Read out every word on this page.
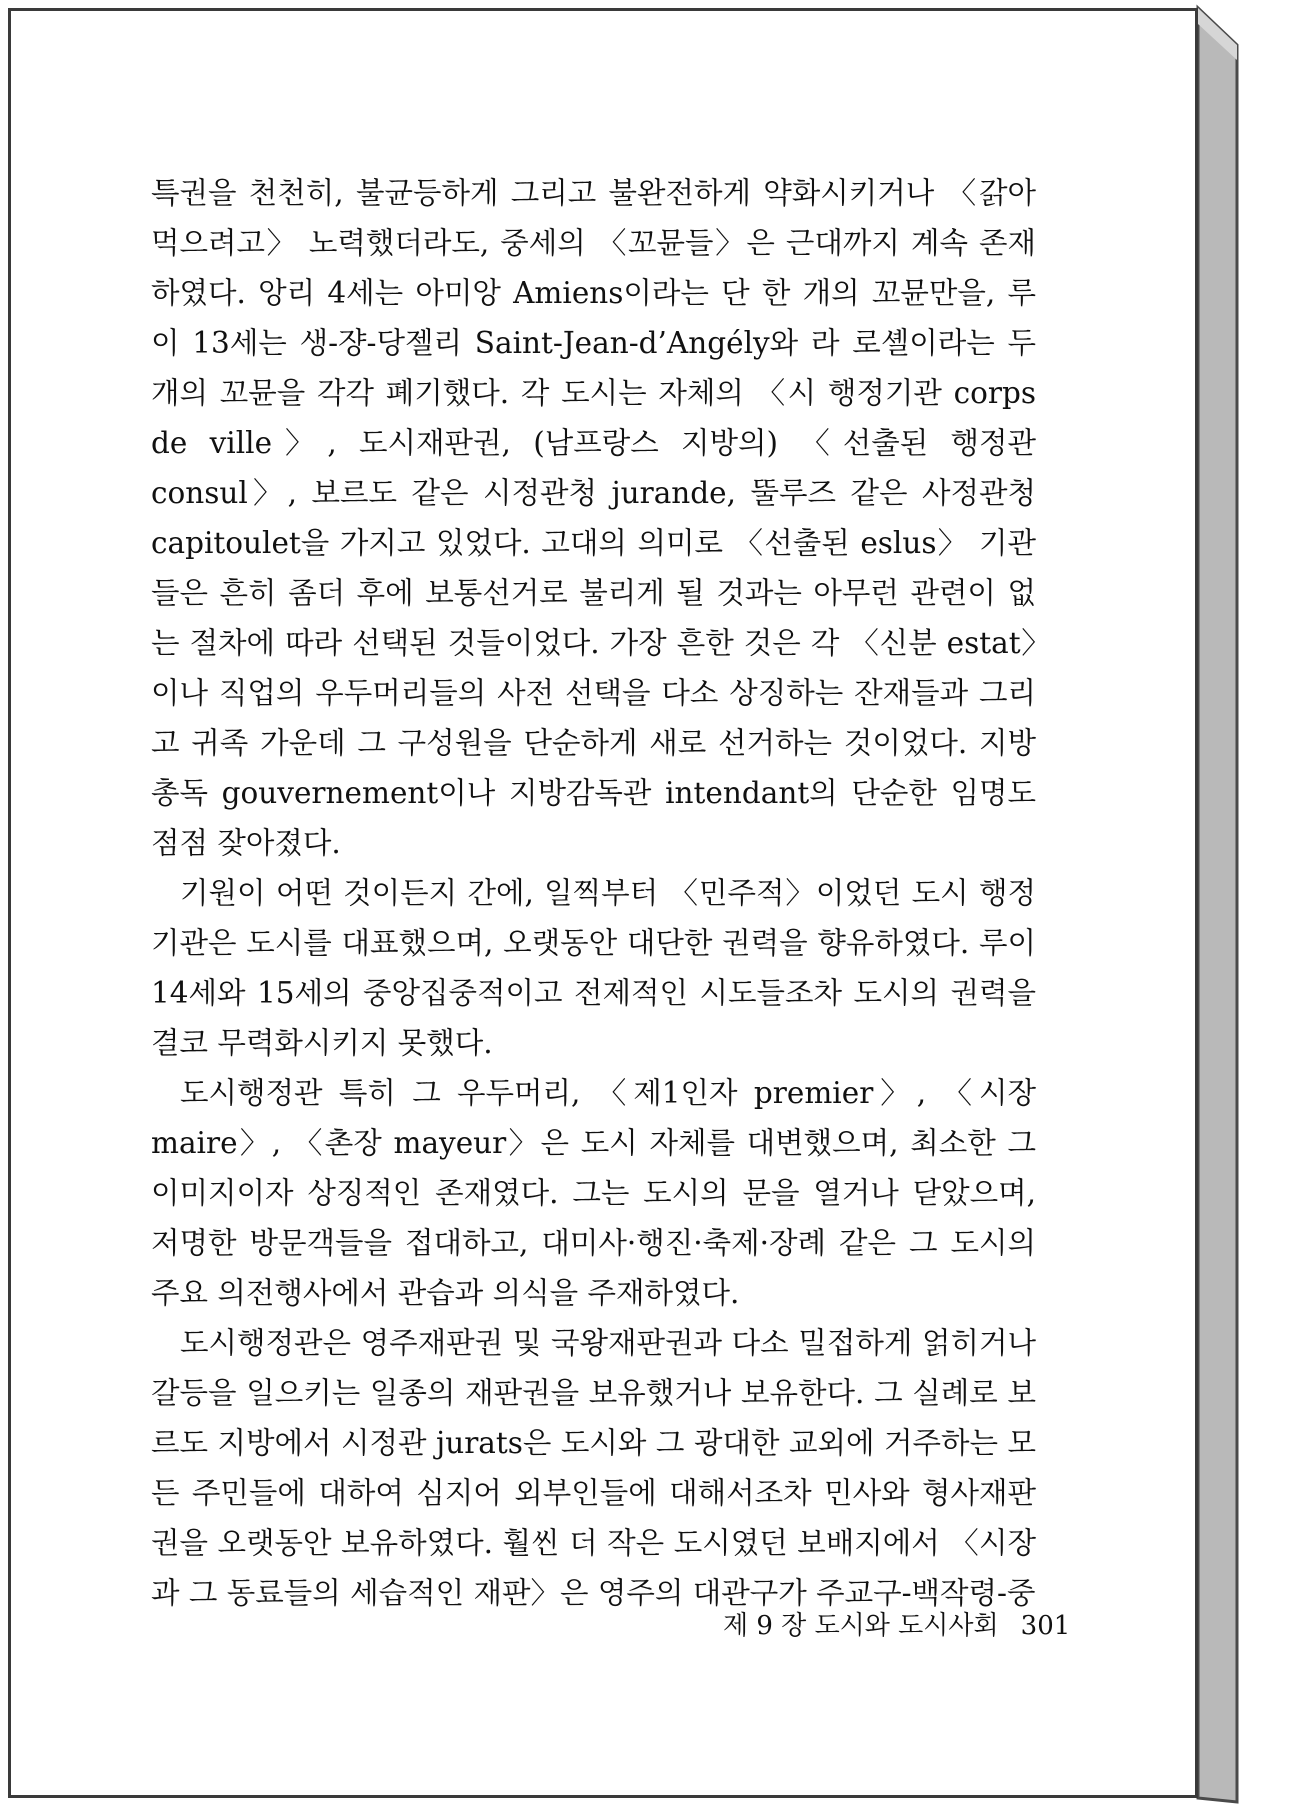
특권을 천천히, 불균등하게 그리고 불완전하게 약화시키거나 〈갉아먹으려고〉 노력했더라도, 중세의 〈꼬뮨들〉은 근대까지 계속 존재하였다. 앙리 4세는 아미앙 Amiens이라는 단 한 개의 꼬뮨만을, 루이 13세는 생-쟝-당젤리 Saint-Jean-d’Angély와 라 로셸이라는 두 개의 꼬뮨을 각각 폐기했다. 각 도시는 자체의 〈시 행정기관 corps de ville〉, 도시재판권, (남프랑스 지방의) 〈선출된 행정관 consul〉, 보르도 같은 시정관청 jurande, 뚤루즈 같은 사정관청 capitoulet을 가지고 있었다. 고대의 의미로 〈선출된 eslus〉 기관들은 흔히 좀더 후에 보통선거로 불리게 될 것과는 아무런 관련이 없는 절차에 따라 선택된 것들이었다. 가장 흔한 것은 각 〈신분 estat〉이나 직업의 우두머리들의 사전 선택을 다소 상징하는 잔재들과 그리고 귀족 가운데 그 구성원을 단순하게 새로 선거하는 것이었다. 지방총독 gouvernement이나 지방감독관 intendant의 단순한 임명도 점점 잦아졌다.

기원이 어떤 것이든지 간에, 일찍부터 〈민주적〉이었던 도시 행정기관은 도시를 대표했으며, 오랫동안 대단한 권력을 향유하였다. 루이 14세와 15세의 중앙집중적이고 전제적인 시도들조차 도시의 권력을 결코 무력화시키지 못했다.

도시행정관 특히 그 우두머리, 〈제1인자 premier〉, 〈시장 maire〉, 〈촌장 mayeur〉은 도시 자체를 대변했으며, 최소한 그 이미지이자 상징적인 존재였다. 그는 도시의 문을 열거나 닫았으며, 저명한 방문객들을 접대하고, 대미사·행진·축제·장례 같은 그 도시의 주요 의전행사에서 관습과 의식을 주재하였다.

도시행정관은 영주재판권 및 국왕재판권과 다소 밀접하게 얽히거나 갈등을 일으키는 일종의 재판권을 보유했거나 보유한다. 그 실례로 보르도 지방에서 시정관 jurats은 도시와 그 광대한 교외에 거주하는 모든 주민들에 대하여 심지어 외부인들에 대해서조차 민사와 형사재판권을 오랫동안 보유하였다. 훨씬 더 작은 도시였던 보배지에서 〈시장과 그 동료들의 세습적인 재판〉은 영주의 대관구가 주교구-백작령-중

제 9 장 도시와 도시사회 301
